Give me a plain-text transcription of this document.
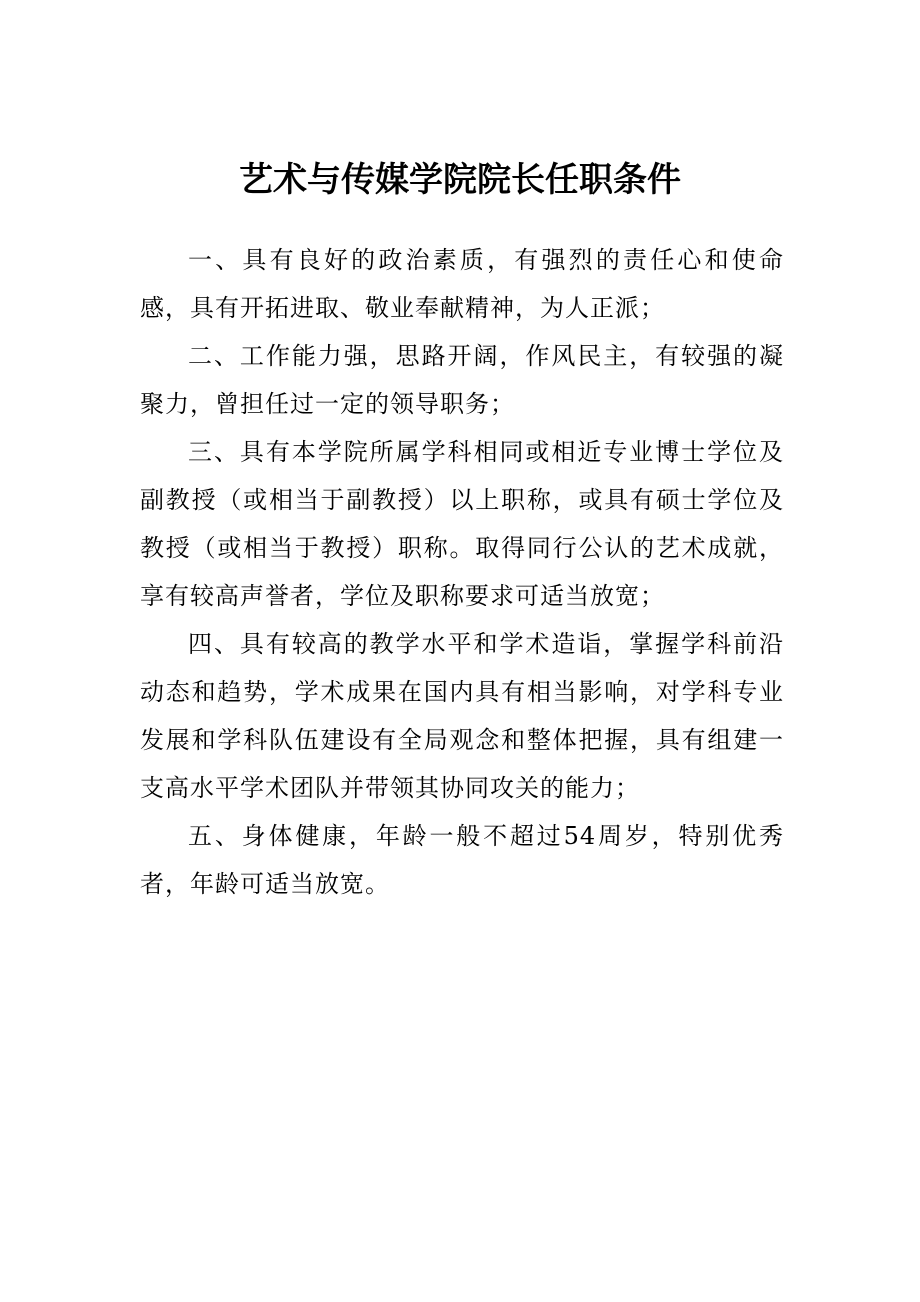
艺术与传媒学院院长任职条件

一、具有良好的政治素质，有强烈的责任心和使命感，具有开拓进取、敬业奉献精神，为人正派；

二、工作能力强，思路开阔，作风民主，有较强的凝聚力，曾担任过一定的领导职务；

三、具有本学院所属学科相同或相近专业博士学位及副教授（或相当于副教授）以上职称，或具有硕士学位及教授（或相当于教授）职称。取得同行公认的艺术成就，享有较高声誉者，学位及职称要求可适当放宽；

四、具有较高的教学水平和学术造诣，掌握学科前沿动态和趋势，学术成果在国内具有相当影响，对学科专业发展和学科队伍建设有全局观念和整体把握，具有组建一支高水平学术团队并带领其协同攻关的能力；

五、身体健康，年龄一般不超过54周岁，特别优秀者，年龄可适当放宽。
